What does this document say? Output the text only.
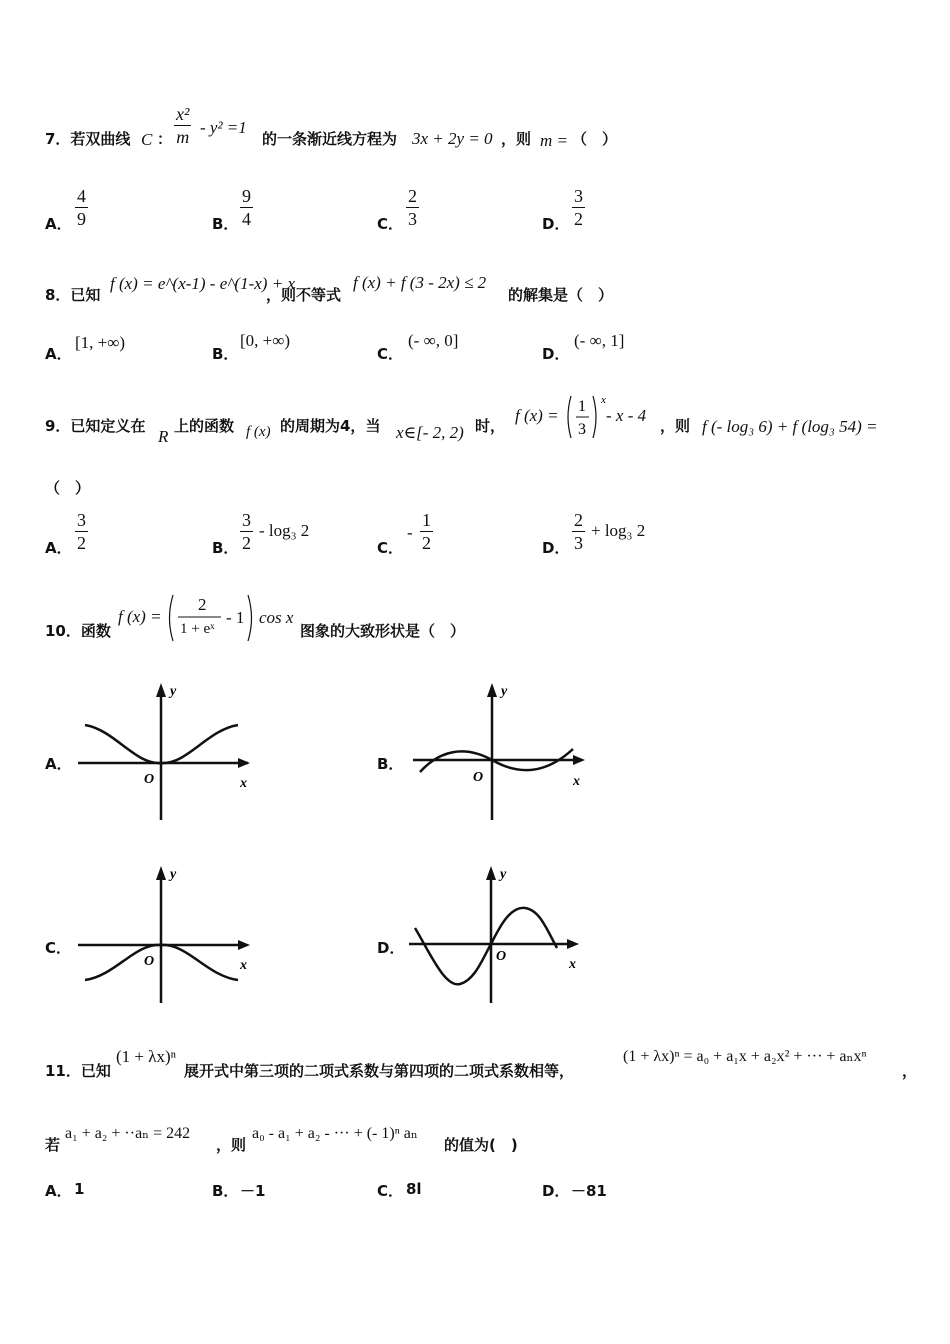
7．若双曲线 C ： $\frac{\text{x²}}{m} - y^2 =1$
的一条渐近线方程为 3x + 2y = 0 ，则 m = （　）
A． $\frac{4}{9}$	B． $\frac{9}{4}$	C． $\frac{2}{3}$	D． $\frac{3}{2}$
8．已知
f (x) = e^(x-1) - e^(1-x) + x
，则不等式
f (x) + f (3 - 2x) ≤ 2
的解集是（　）
A．
[1, +∞)
B．
[0, +∞)
C．
(- ∞, 0]
D．
(- ∞, 1]
9．已知定义在
R
上的函数 f (x) 的周期为4，当 x∈[- 2, 2) 时，
f (x) = 1
3
x
- x - 4
，则 f (- log₃ 6) + f (log₃ 54) =
（　）
A． $\frac{3}{2}$	B． $\frac{3}{2} - \log_3$ 2
C．
- $\frac{1}{2}$	D． $\frac{2}{3} + \log_3$ 2
10．函数
f (x) =
2
1 + eˣ
- 1 cos x
图象的大致形状是（　）
A．
y
O	x
B．
y
O	x
C．
y
O	x
D．
y
O
x
11．已知
(1 + λx)ⁿ
展开式中第三项的二项式系数与第四项的二项式系数相等，
(1 + λx)ⁿ = a₀ + a₁x + a₂x² + ··· + aₙxⁿ
，
若
a₁ + a₂ + ··aₙ = 242
，则
a₀ - a₁ + a₂ - ··· + (- 1)ⁿ aₙ
的值为(　)
A． 1	B． －1	C． 8l	D． －81
